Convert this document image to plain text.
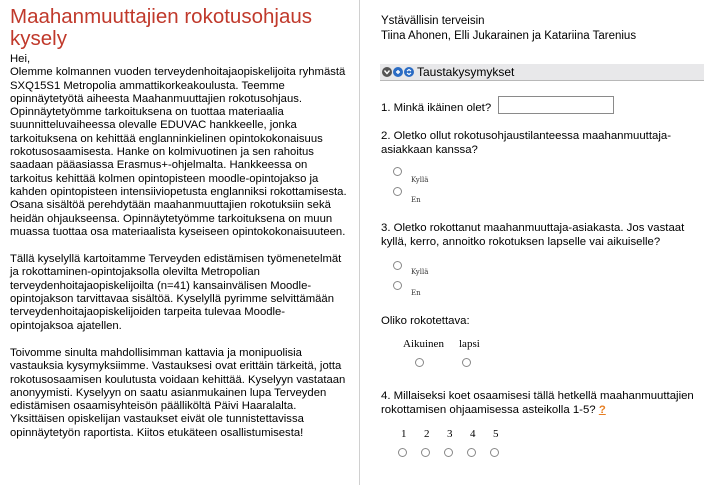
Maahanmuuttajien rokotusohjaus kysely

Hei,
Olemme kolmannen vuoden terveydenhoitajaopiskelijoita ryhmästä SXQ15S1 Metropolia ammattikorkeakoulusta. Teemme opinnäytetyötä aiheesta Maahanmuuttajien rokotusohjaus. Opinnäytetyömme tarkoituksena on tuottaa materiaalia suunnitteluvaiheessa olevalle EDUVAC hankkeelle, jonka tarkoituksena on kehittää englanninkielinen opintokokonaisuus rokotusosaamisesta. Hanke on kolmivuotinen ja sen rahoitus saadaan pääasiassa Erasmus+-ohjelmalta. Hankkeessa on tarkoitus kehittää kolmen opintopisteen moodle-opintojakso ja kahden opintopisteen intensiiviopetusta englanniksi rokottamisesta. Osana sisältöä perehdytään maahanmuuttajien rokotuksiin sekä heidän ohjaukseensa. Opinnäytetyömme tarkoituksena on muun muassa tuottaa osa materiaalista kyseiseen opintokokonaisuuteen.

Tällä kyselyllä kartoitamme Terveyden edistämisen työmenetelmät ja rokottaminen-opintojaksolla olevilta Metropolian terveydenhoitajaopiskelijoilta (n=41) kansainvälisen Moodle-opintojakson tarvittavaa sisältöä. Kyselyllä pyrimme selvittämään terveydenhoitajaopiskelijoiden tarpeita tulevaa Moodle-opintojaksoa ajatellen.

Toivomme sinulta mahdollisimman kattavia ja monipuolisia vastauksia kysymyksiimme. Vastauksesi ovat erittäin tärkeitä, jotta rokotusosaamisen koulutusta voidaan kehittää. Kyselyyn vastataan anonyymisti. Kyselyyn on saatu asianmukainen lupa Terveyden edistämisen osaamisyhteisön päälliköltä Päivi Haaralalta. Yksittäisen opiskelijan vastaukset eivät ole tunnistettavissa opinnäytetyön raportista. Kiitos etukäteen osallistumisesta!

Ystävällisin terveisin
Tiina Ahonen, Elli Jukarainen ja Katariina Tarenius
Taustakysymykset
1. Minkä ikäinen olet?
2. Oletko ollut rokotusohjaustilanteessa maahanmuuttaja-asiakkaan kanssa?
Kyllä
En
3. Oletko rokottanut maahanmuuttaja-asiakasta. Jos vastaat kyllä, kerro, annoitko rokotuksen lapselle vai aikuiselle?
Kyllä
En
Oliko rokotettava:
Aikuinen lapsi
4. Millaiseksi koet osaamisesi tällä hetkellä maahanmuuttajien rokottamisen ohjaamisessa asteikolla 1-5? ?
1 2 3 4 5
